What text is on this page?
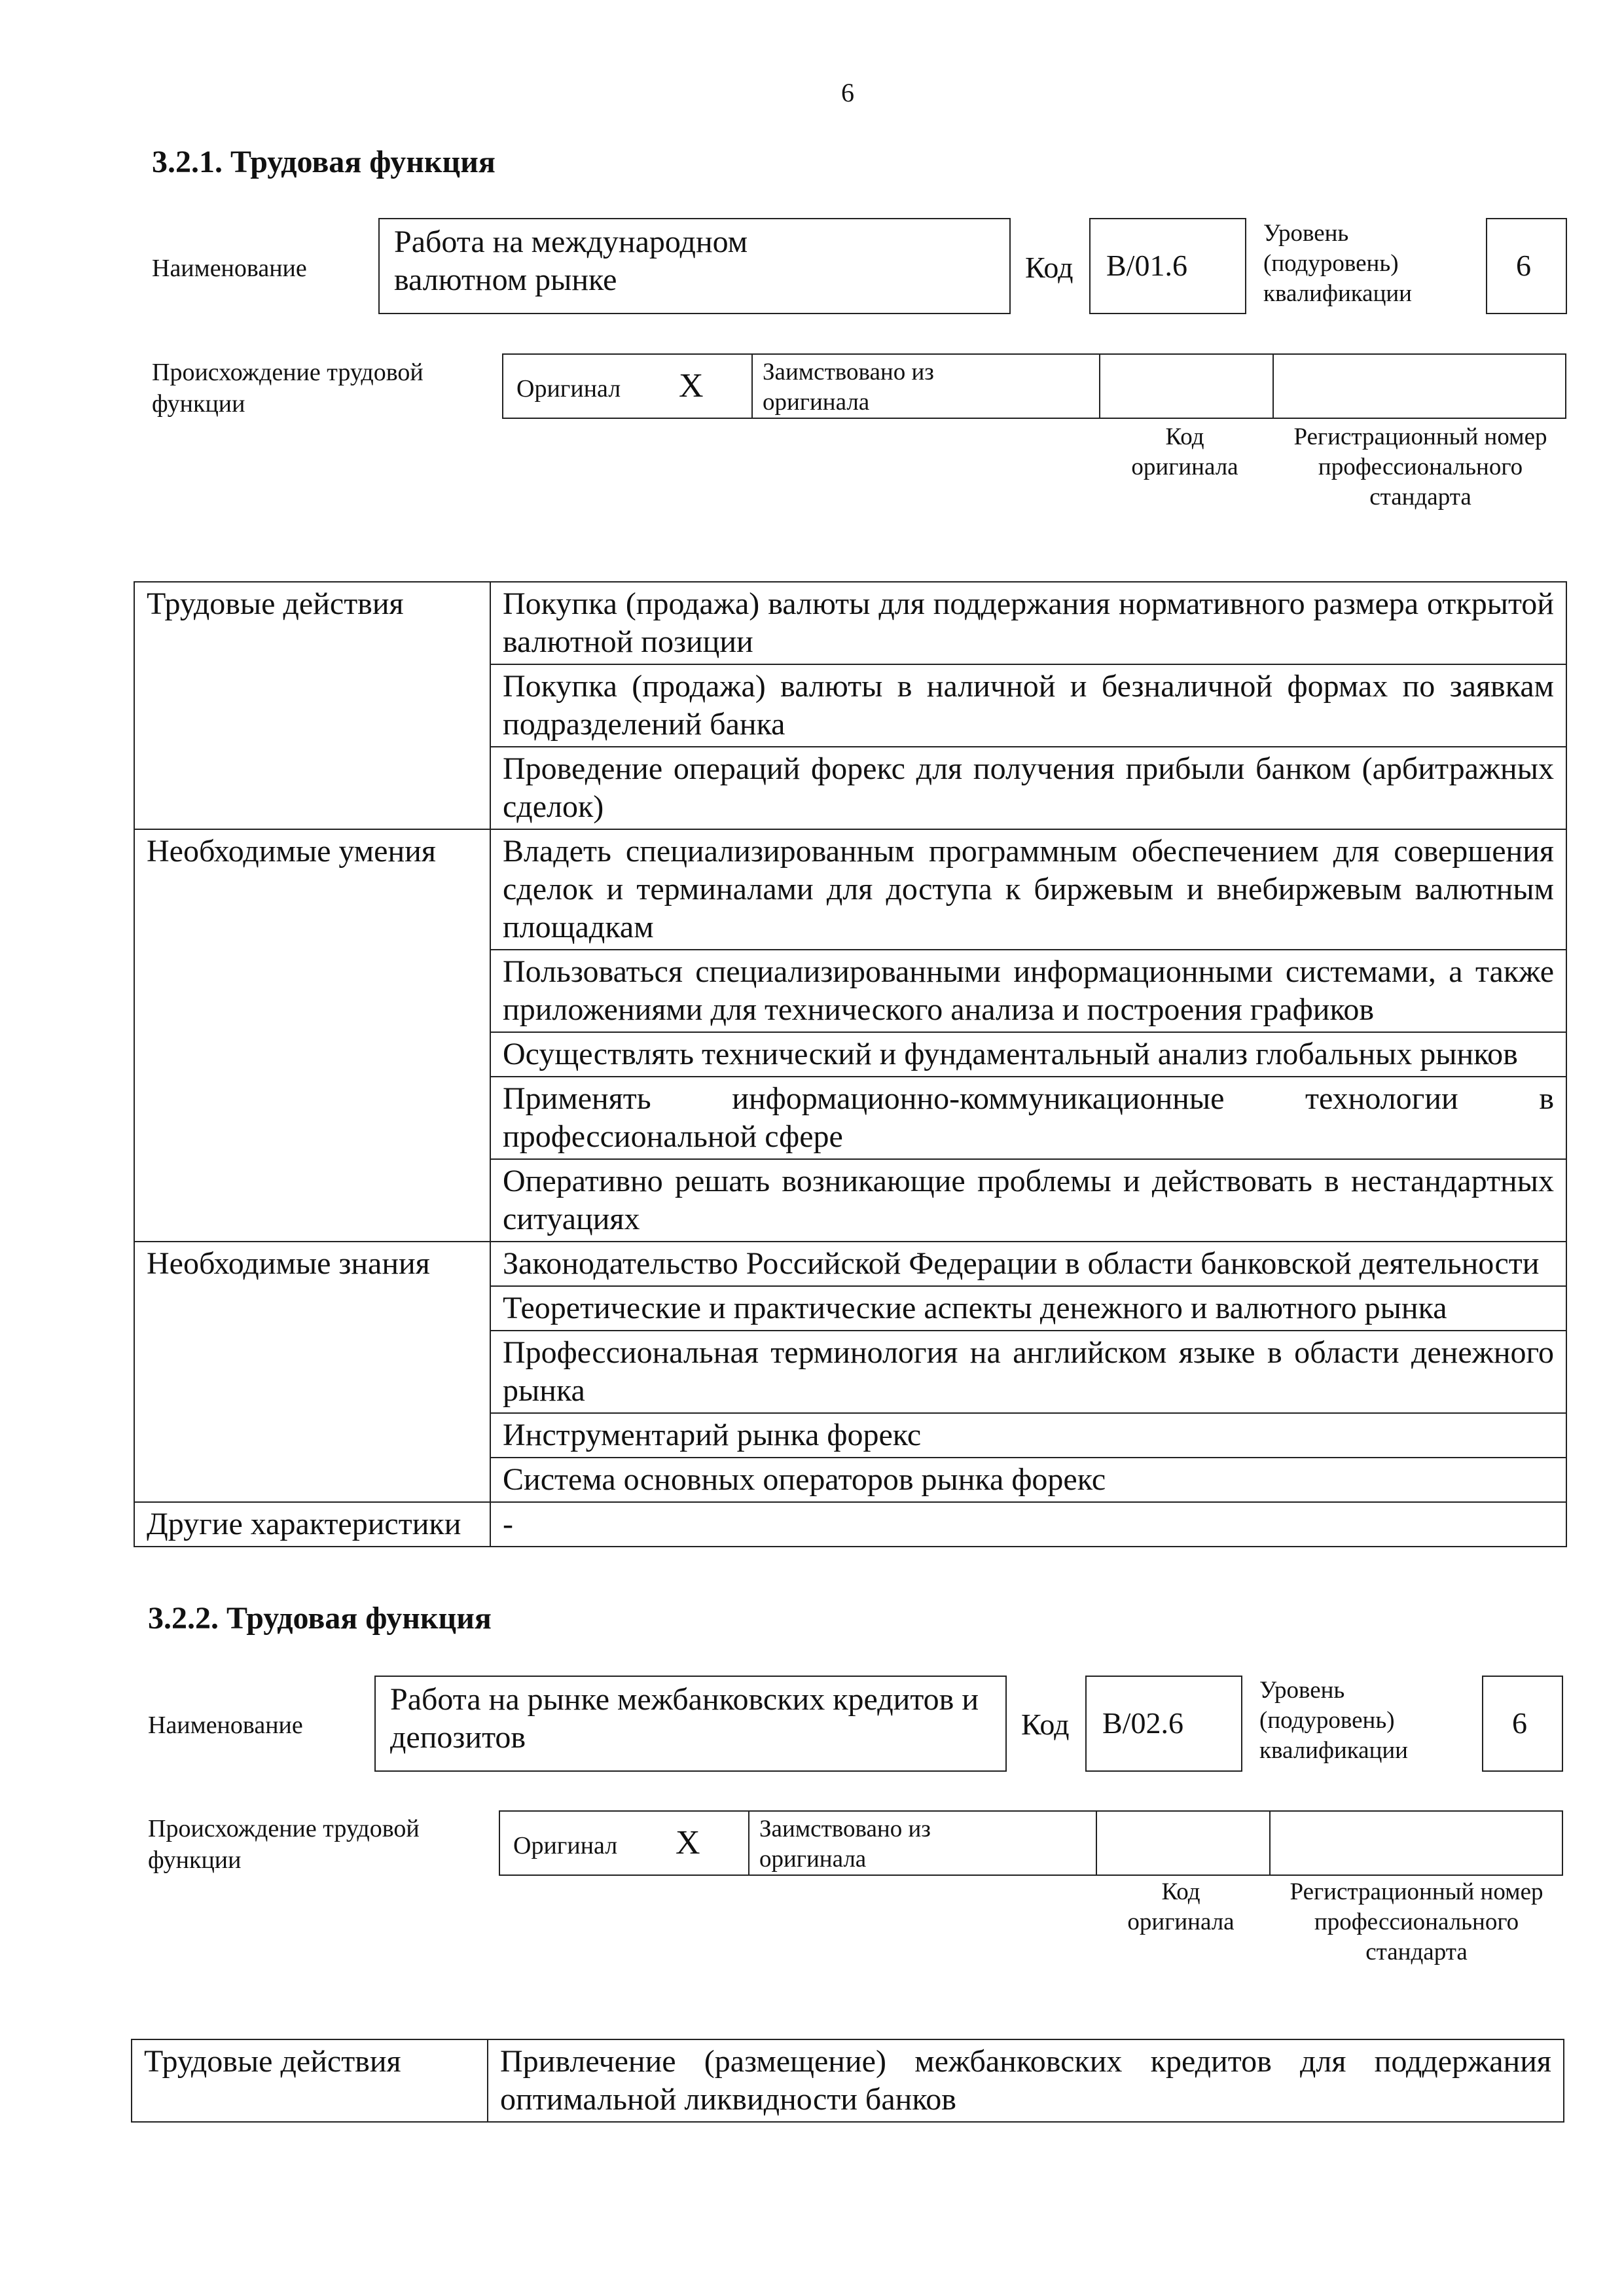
6
3.2.1. Трудовая функция
Наименование
Работа на международном валютном рынке	Код B/01.6
Уровень (подуровень) квалификации
6
Происхождение трудовой функции
Оригинал X Заимствовано из оригинала
Код оригинала
Регистрационный номер профессионального стандарта
Трудовые действия	Покупка (продажа) валюты для поддержания нормативного размера открытой валютной позиции
	Покупка (продажа) валюты в наличной и безналичной формах по заявкам подразделений банка
	Проведение операций форекс для получения прибыли банком (арбитражных сделок)
Необходимые умения	Владеть специализированным программным обеспечением для совершения сделок и терминалами для доступа к биржевым и внебиржевым валютным площадкам
	Пользоваться специализированными информационными системами, а также приложениями для технического анализа и построения графиков
	Осуществлять технический и фундаментальный анализ глобальных рынков
	Применять информационно-коммуникационные технологии в профессиональной сфере
	Оперативно решать возникающие проблемы и действовать в нестандартных ситуациях
Необходимые знания	Законодательство Российской Федерации в области банковской деятельности
	Теоретические и практические аспекты денежного и валютного рынка
	Профессиональная терминология на английском языке в области денежного рынка
	Инструментарий рынка форекс
	Система основных операторов рынка форекс
Другие характеристики	-
3.2.2. Трудовая функция
Наименование
Работа на рынке межбанковских кредитов и депозитов	Код B/02.6
Уровень (подуровень) квалификации
6
Происхождение трудовой функции
Оригинал X Заимствовано из оригинала
Код оригинала
Регистрационный номер профессионального стандарта
Трудовые действия	Привлечение (размещение) межбанковских кредитов для поддержания оптимальной ликвидности банков
